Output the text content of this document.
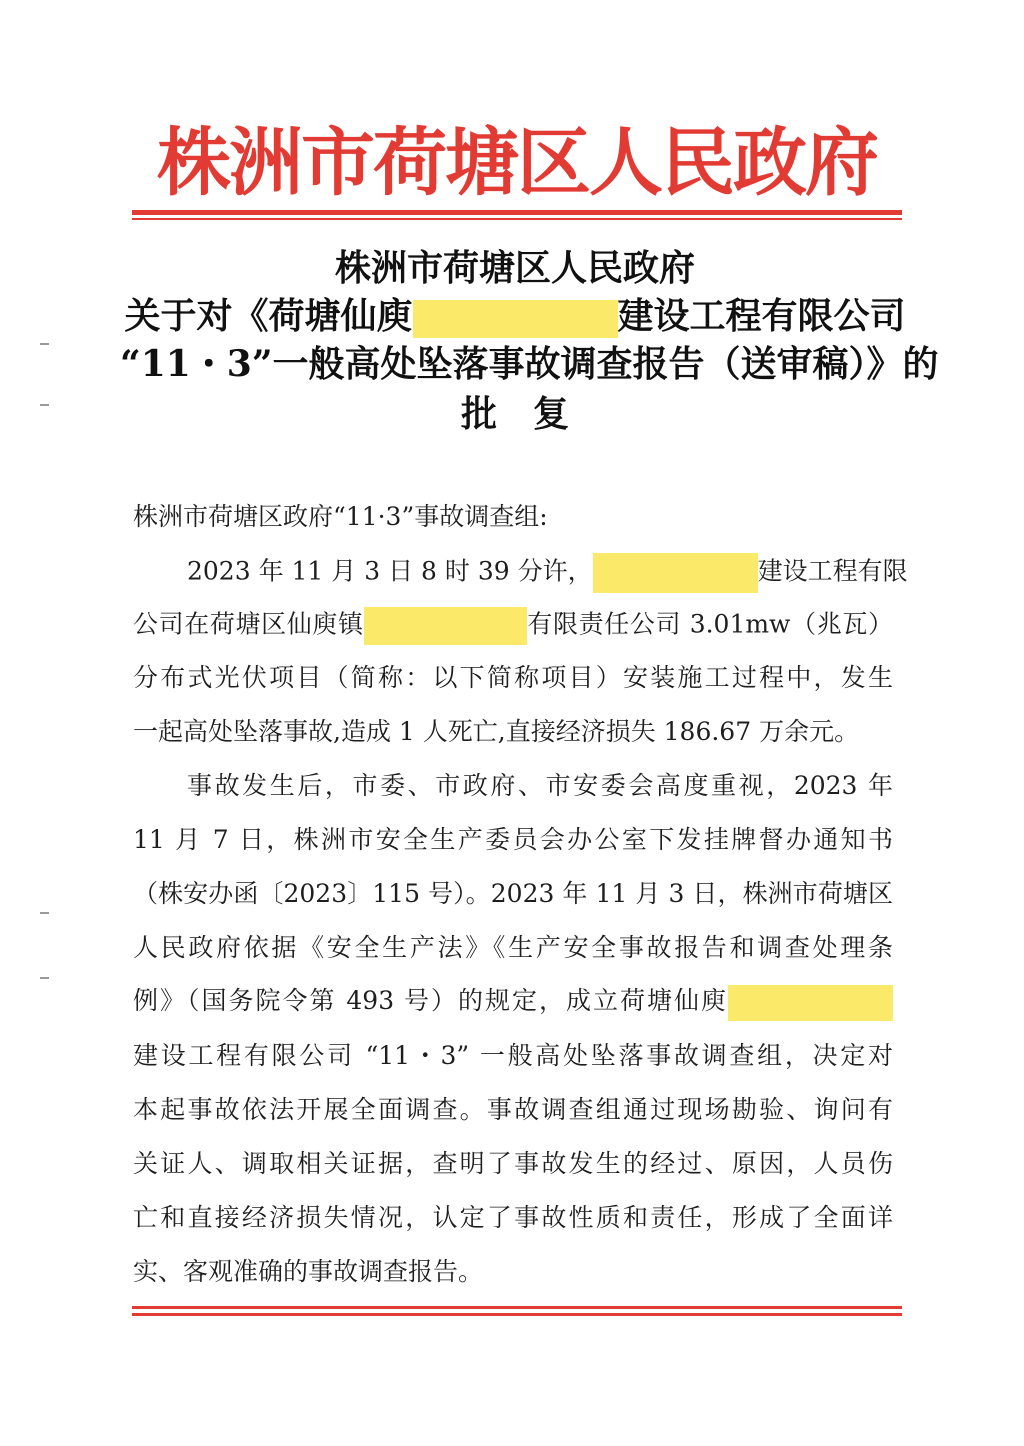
株洲市荷塘区人民政府
株洲市荷塘区人民政府
关于对《荷塘仙庾	建设工程有限公司
“11・3”一般高处坠落事故调查报告（送审稿）》的
批　复
株洲市荷塘区政府“11·3”事故调查组:
2023 年 11 月 3 日 8 时 39 分许，	建设工程有限
公司在荷塘区仙庾镇	有限责任公司 3.01mw（兆瓦）
分布式光伏项目（简称：以下简称项目）安装施工过程中，发生
一起高处坠落事故,造成 1 人死亡,直接经济损失 186.67 万余元。
事故发生后，市委、市政府、市安委会高度重视，2023 年
11 月 7 日，株洲市安全生产委员会办公室下发挂牌督办通知书
（株安办函〔2023〕115 号）。2023 年 11 月 3 日，株洲市荷塘区
人民政府依据《安全生产法》《生产安全事故报告和调查处理条
例》（国务院令第 493 号）的规定，成立荷塘仙庾
建设工程有限公司 “11・3” 一般高处坠落事故调查组，决定对
本起事故依法开展全面调查。事故调查组通过现场勘验、询问有
关证人、调取相关证据，查明了事故发生的经过、原因，人员伤
亡和直接经济损失情况，认定了事故性质和责任，形成了全面详
实、客观准确的事故调查报告。
